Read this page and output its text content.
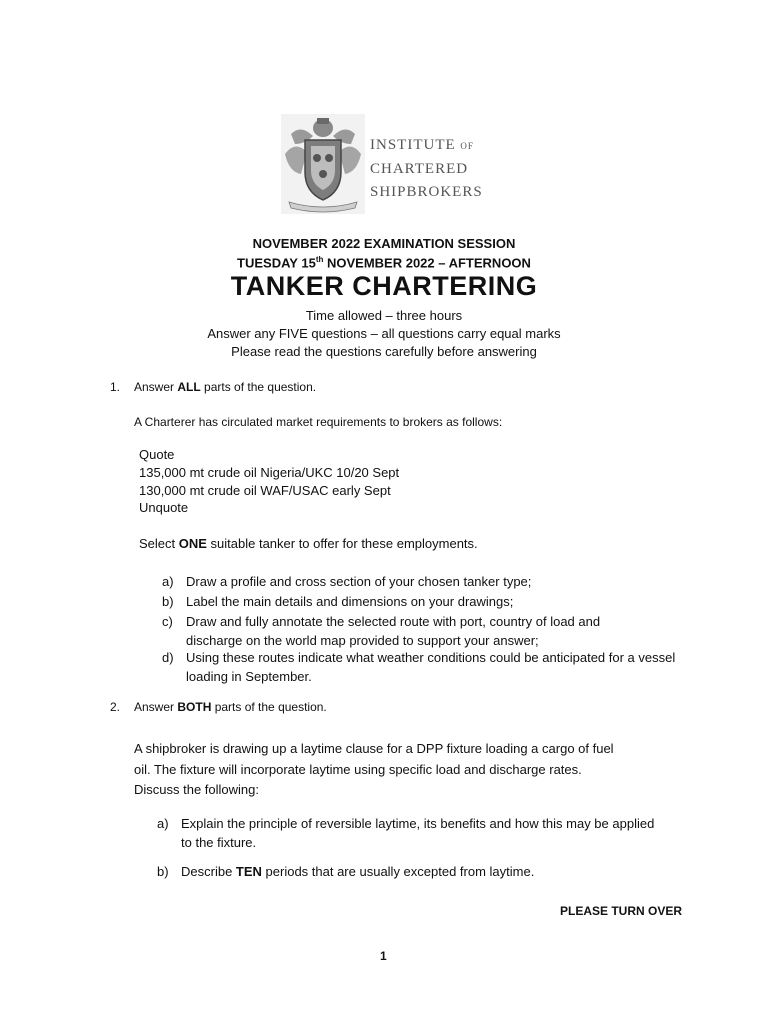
INSTITUTE OF
CHARTERED
SHIPBROKERS
NOVEMBER 2022 EXAMINATION SESSION
TUESDAY 15th NOVEMBER 2022 – AFTERNOON
TANKER CHARTERING
Time allowed – three hours
Answer any FIVE questions – all questions carry equal marks
Please read the questions carefully before answering
1. Answer ALL parts of the question.
A Charterer has circulated market requirements to brokers as follows:
Quote
135,000 mt crude oil Nigeria/UKC 10/20 Sept
130,000 mt crude oil WAF/USAC early Sept
Unquote
Select ONE suitable tanker to offer for these employments.
a) Draw a profile and cross section of your chosen tanker type;
b) Label the main details and dimensions on your drawings;
c) Draw and fully annotate the selected route with port, country of load and discharge on the world map provided to support your answer;
d) Using these routes indicate what weather conditions could be anticipated for a vessel loading in September.
2. Answer BOTH parts of the question.
A shipbroker is drawing up a laytime clause for a DPP fixture loading a cargo of fuel
oil. The fixture will incorporate laytime using specific load and discharge rates.
Discuss the following:
a) Explain the principle of reversible laytime, its benefits and how this may be applied to the fixture.
b) Describe TEN periods that are usually excepted from laytime.
PLEASE TURN OVER
1
